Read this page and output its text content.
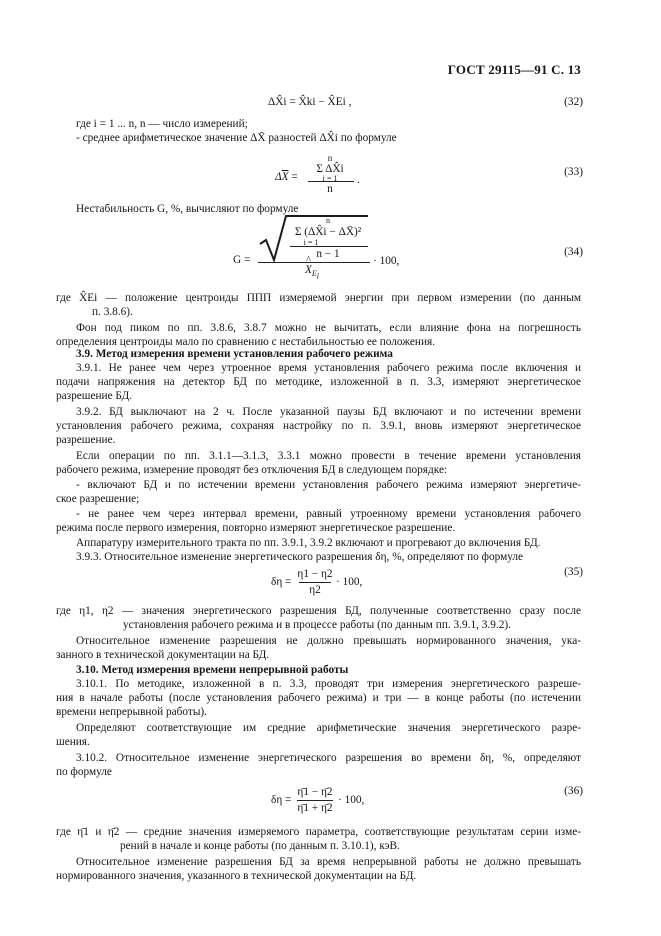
ГОСТ 29115—91 С. 13
ΔX̂i = X̂ki − X̂Ei ,	(32)
где i = 1 ... n, n — число измерений;
- среднее арифметическое значение ΔX̄ разностей ΔX̂i по формуле
$\Delta\overline{X}$ =
n
Σ ΔX̂i
i = 1
n
.
(33)
Нестабильность G, %, вычисляют по формуле
G =
n
Σ (ΔX̂i − ΔX̄)²
i = 1
n − 1
^ $X_{E_i}$
· 100,
(34)
где X̂Ei — положение центроиды ППП измеряемой энергии при первом измерении (по данным
п. 3.8.6).
Фон под пиком по пп. 3.8.6, 3.8.7 можно не вычитать, если влияние фона на погрешность
определения центроиды мало по сравнению с нестабильностью ее положения.
3.9. Метод измерения времени установления рабочего режима
3.9.1. Не ранее чем через утроенное время установления рабочего режима после включения и
подачи напряжения на детектор БД по методике, изложенной в п. 3.3, измеряют энергетическое
разрешение БД.
3.9.2. БД выключают на 2 ч. После указанной паузы БД включают и по истечении времени
установления рабочего режима, сохраняя настройку по п. 3.9.1, вновь измеряют энергетическое
разрешение.
Если операции по пп. 3.1.1—3.1.3, 3.3.1 можно провести в течение времени установления
рабочего режима, измерение проводят без отключения БД в следующем порядке:
- включают БД и по истечении времени установления рабочего режима измеряют энергетиче-
ское разрешение;
- не ранее чем через интервал времени, равный утроенному времени установления рабочего
режима после первого измерения, повторно измеряют энергетическое разрешение.
Аппаратуру измерительного тракта по пп. 3.9.1, 3.9.2 включают и прогревают до включения БД.
3.9.3. Относительное изменение энергетического разрешения δη, %, определяют по формуле
δη =
η1 − η2
η2
· 100,
(35)
где η1, η2 — значения энергетического разрешения БД, полученные соответственно сразу после
установления рабочего режима и в процессе работы (по данным пп. 3.9.1, 3.9.2).
Относительное изменение разрешения не должно превышать нормированного значения, ука-
занного в технической документации на БД.
3.10. Метод измерения времени непрерывной работы
3.10.1. По методике, изложенной в п. 3.3, проводят три измерения энергетического разреше-
ния в начале работы (после установления рабочего режима) и три — в конце работы (по истечении
времени непрерывной работы).
Определяют соответствующие им средние арифметические значения энергетического разре-
шения.
3.10.2. Относительное изменение энергетического разрешения во времени δη, %, определяют
по формуле
δη =
η̄1 − η̄2
η̄1 + η̄2
· 100,
(36)
где η̄1 и η̄2 — средние значения измеряемого параметра, соответствующие результатам серии изме-
рений в начале и конце работы (по данным п. 3.10.1), кэВ.
Относительное изменение разрешения БД за время непрерывной работы не должно превышать
нормированного значения, указанного в технической документации на БД.
